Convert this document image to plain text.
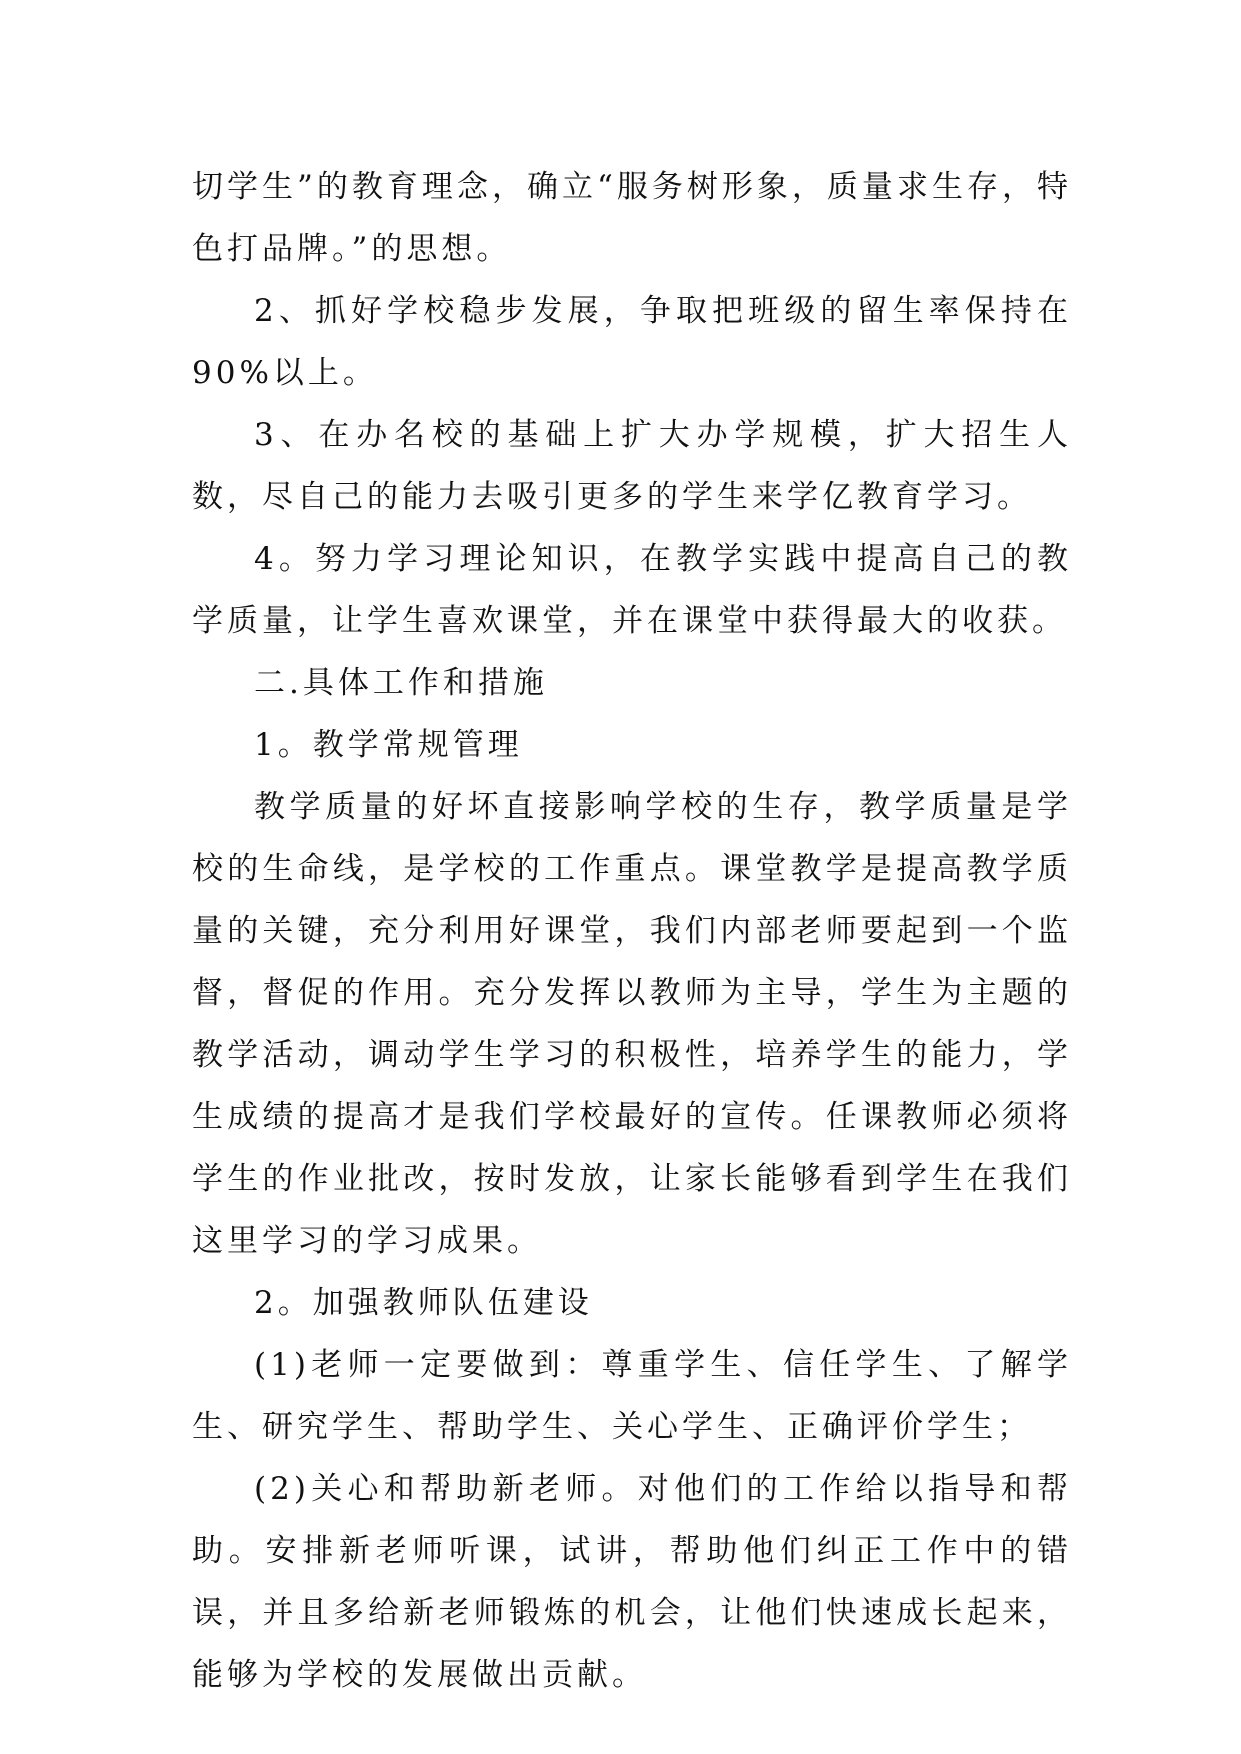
切学生”的教育理念，确立“服务树形象，质量求生存，特色打品牌。”的思想。

2、抓好学校稳步发展，争取把班级的留生率保持在90%以上。

3、在办名校的基础上扩大办学规模，扩大招生人数，尽自己的能力去吸引更多的学生来学亿教育学习。

4。努力学习理论知识，在教学实践中提高自己的教学质量，让学生喜欢课堂，并在课堂中获得最大的收获。

二.具体工作和措施

1。教学常规管理

教学质量的好坏直接影响学校的生存，教学质量是学校的生命线，是学校的工作重点。课堂教学是提高教学质量的关键，充分利用好课堂，我们内部老师要起到一个监督，督促的作用。充分发挥以教师为主导，学生为主题的教学活动，调动学生学习的积极性，培养学生的能力，学生成绩的提高才是我们学校最好的宣传。任课教师必须将学生的作业批改，按时发放，让家长能够看到学生在我们这里学习的学习成果。

2。加强教师队伍建设

(1)老师一定要做到：尊重学生、信任学生、了解学生、研究学生、帮助学生、关心学生、正确评价学生；

(2)关心和帮助新老师。对他们的工作给以指导和帮助。安排新老师听课，试讲，帮助他们纠正工作中的错误，并且多给新老师锻炼的机会，让他们快速成长起来，能够为学校的发展做出贡献。
